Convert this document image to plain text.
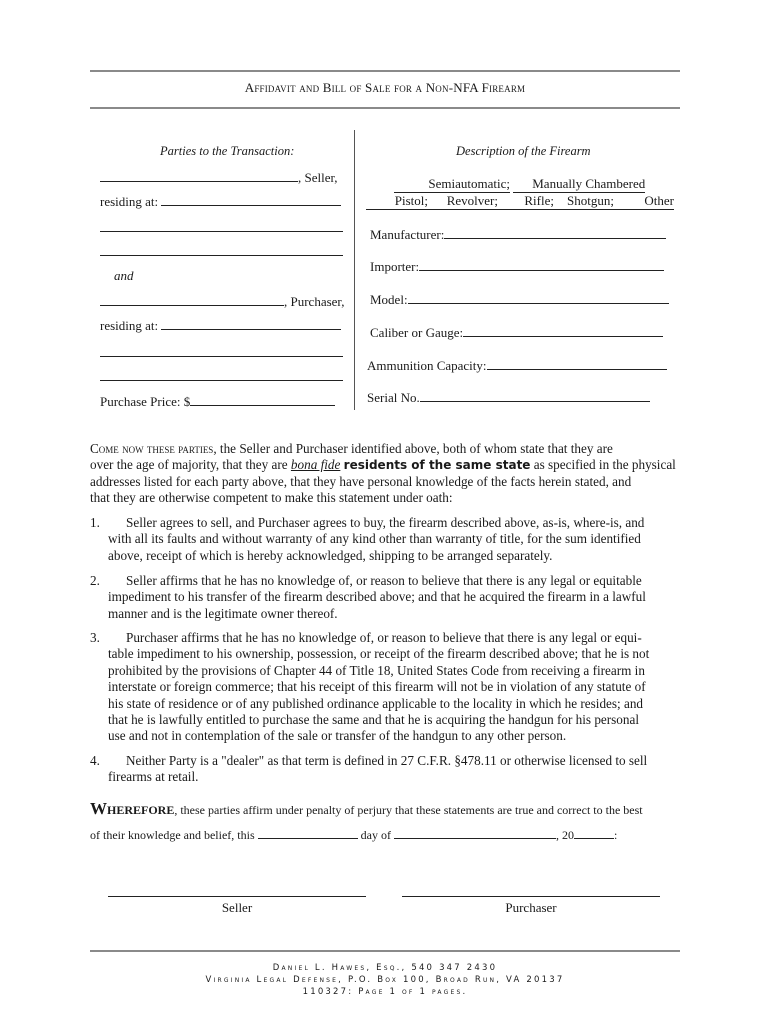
Affidavit and Bill of Sale for a Non-NFA Firearm
Parties to the Transaction:
, Seller,
residing at:
and
, Purchaser,
residing at:
Purchase Price: $
Description of the Firearm
Semiautomatic; Manually Chambered
Pistol; Revolver; Rifle; Shotgun; Other
Manufacturer:
Importer:
Model:
Caliber or Gauge:
Ammunition Capacity:
Serial No.
Come now these parties, the Seller and Purchaser identified above, both of whom state that they are
over the age of majority, that they are bona fide residents of the same state as specified in the physical
addresses listed for each party above, that they have personal knowledge of the facts herein stated, and
that they are otherwise competent to make this statement under oath:
1.	Seller agrees to sell, and Purchaser agrees to buy, the firearm described above, as-is, where-is, and
with all its faults and without warranty of any kind other than warranty of title, for the sum identified
above, receipt of which is hereby acknowledged, shipping to be arranged separately.
2.	Seller affirms that he has no knowledge of, or reason to believe that there is any legal or equitable
impediment to his transfer of the firearm described above; and that he acquired the firearm in a lawful
manner and is the legitimate owner thereof.
3.	Purchaser affirms that he has no knowledge of, or reason to believe that there is any legal or equi-
table impediment to his ownership, possession, or receipt of the firearm described above; that he is not
prohibited by the provisions of Chapter 44 of Title 18, United States Code from receiving a firearm in
interstate or foreign commerce; that his receipt of this firearm will not be in violation of any statute of
his state of residence or of any published ordinance applicable to the locality in which he resides; and
that he is lawfully entitled to purchase the same and that he is acquiring the handgun for his personal
use and not in contemplation of the sale or transfer of the handgun to any other person.
4.	Neither Party is a "dealer" as that term is defined in 27 C.F.R. §478.11 or otherwise licensed to sell
firearms at retail.
Wherefore, these parties affirm under penalty of perjury that these statements are true and correct to the best
of their knowledge and belief, this	day of	, 20	:
Seller	Purchaser
Daniel L. Hawes, Esq., 540 347 2430
Virginia Legal Defense, P.O. Box 100, Broad Run, VA 20137
110327: Page 1 of 1 pages.
